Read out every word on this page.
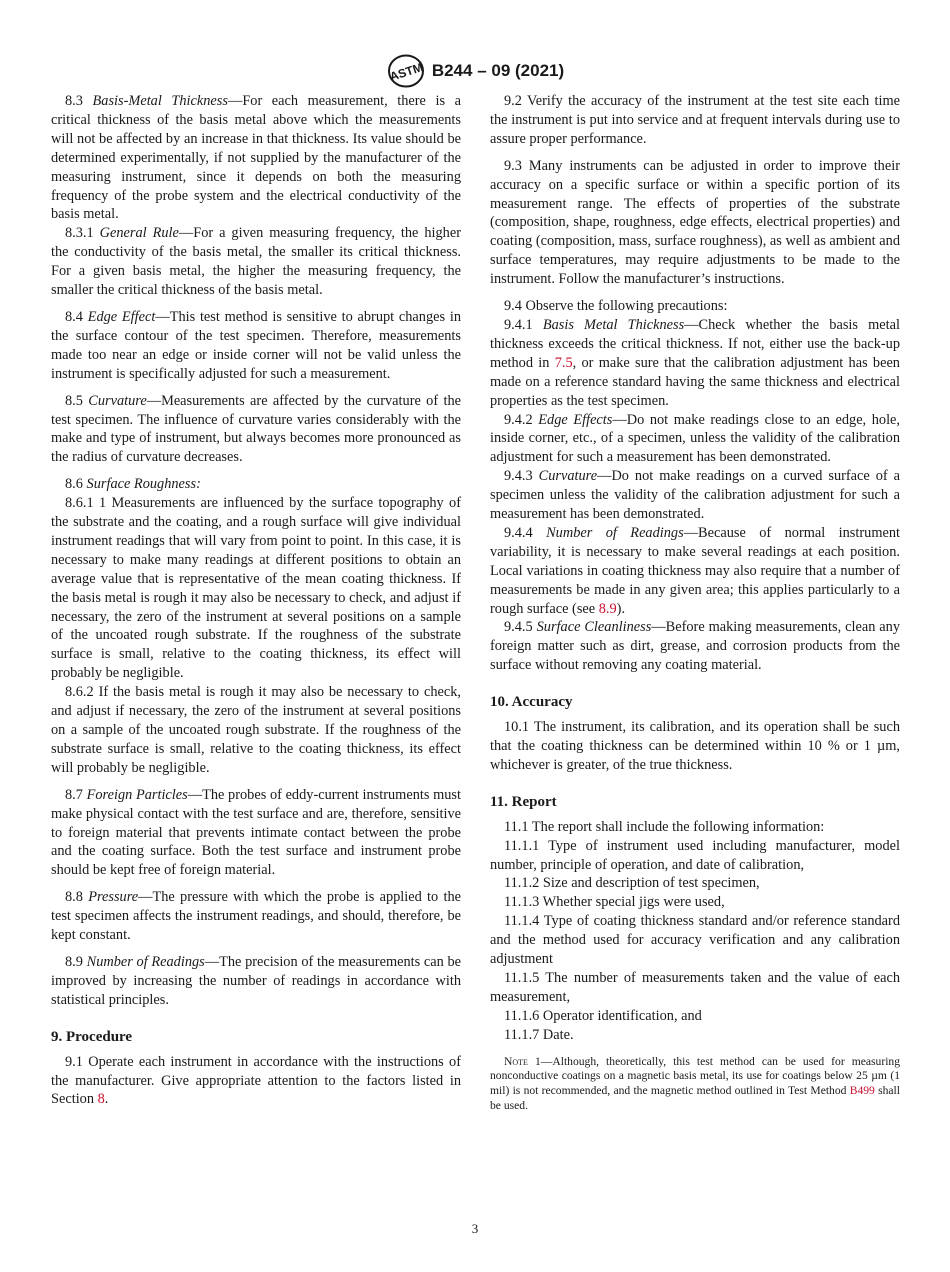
ASTM B244 – 09 (2021)

8.3 Basis-Metal Thickness—For each measurement, there is a critical thickness of the basis metal above which the measurements will not be affected by an increase in that thickness. Its value should be determined experimentally, if not supplied by the manufacturer of the measuring instrument, since it depends on both the measuring frequency of the probe system and the electrical conductivity of the basis metal.

8.3.1 General Rule—For a given measuring frequency, the higher the conductivity of the basis metal, the smaller its critical thickness. For a given basis metal, the higher the measuring frequency, the smaller the critical thickness of the basis metal.

8.4 Edge Effect—This test method is sensitive to abrupt changes in the surface contour of the test specimen. Therefore, measurements made too near an edge or inside corner will not be valid unless the instrument is specifically adjusted for such a measurement.

8.5 Curvature—Measurements are affected by the curvature of the test specimen. The influence of curvature varies considerably with the make and type of instrument, but always becomes more pronounced as the radius of curvature decreases.

8.6 Surface Roughness:

8.6.1 1 Measurements are influenced by the surface topography of the substrate and the coating, and a rough surface will give individual instrument readings that will vary from point to point. In this case, it is necessary to make many readings at different positions to obtain an average value that is representative of the mean coating thickness. If the basis metal is rough it may also be necessary to check, and adjust if necessary, the zero of the instrument at several positions on a sample of the uncoated rough substrate. If the roughness of the substrate surface is small, relative to the coating thickness, its effect will probably be negligible.

8.6.2 If the basis metal is rough it may also be necessary to check, and adjust if necessary, the zero of the instrument at several positions on a sample of the uncoated rough substrate. If the roughness of the substrate surface is small, relative to the coating thickness, its effect will probably be negligible.

8.7 Foreign Particles—The probes of eddy-current instruments must make physical contact with the test surface and are, therefore, sensitive to foreign material that prevents intimate contact between the probe and the coating surface. Both the test surface and instrument probe should be kept free of foreign material.

8.8 Pressure—The pressure with which the probe is applied to the test specimen affects the instrument readings, and should, therefore, be kept constant.

8.9 Number of Readings—The precision of the measurements can be improved by increasing the number of readings in accordance with statistical principles.

9. Procedure

9.1 Operate each instrument in accordance with the instructions of the manufacturer. Give appropriate attention to the factors listed in Section 8.

9.2 Verify the accuracy of the instrument at the test site each time the instrument is put into service and at frequent intervals during use to assure proper performance.

9.3 Many instruments can be adjusted in order to improve their accuracy on a specific surface or within a specific portion of its measurement range. The effects of properties of the substrate (composition, shape, roughness, edge effects, electrical properties) and coating (composition, mass, surface roughness), as well as ambient and surface temperatures, may require adjustments to be made to the instrument. Follow the manufacturer’s instructions.

9.4 Observe the following precautions:

9.4.1 Basis Metal Thickness—Check whether the basis metal thickness exceeds the critical thickness. If not, either use the back-up method in 7.5, or make sure that the calibration adjustment has been made on a reference standard having the same thickness and electrical properties as the test specimen.

9.4.2 Edge Effects—Do not make readings close to an edge, hole, inside corner, etc., of a specimen, unless the validity of the calibration adjustment for such a measurement has been demonstrated.

9.4.3 Curvature—Do not make readings on a curved surface of a specimen unless the validity of the calibration adjustment for such a measurement has been demonstrated.

9.4.4 Number of Readings—Because of normal instrument variability, it is necessary to make several readings at each position. Local variations in coating thickness may also require that a number of measurements be made in any given area; this applies particularly to a rough surface (see 8.9).

9.4.5 Surface Cleanliness—Before making measurements, clean any foreign matter such as dirt, grease, and corrosion products from the surface without removing any coating material.

10. Accuracy

10.1 The instrument, its calibration, and its operation shall be such that the coating thickness can be determined within 10 % or 1 µm, whichever is greater, of the true thickness.

11. Report

11.1 The report shall include the following information:

11.1.1 Type of instrument used including manufacturer, model number, principle of operation, and date of calibration,

11.1.2 Size and description of test specimen,

11.1.3 Whether special jigs were used,

11.1.4 Type of coating thickness standard and/or reference standard and the method used for accuracy verification and any calibration adjustment

11.1.5 The number of measurements taken and the value of each measurement,

11.1.6 Operator identification, and

11.1.7 Date.

Note 1—Although, theoretically, this test method can be used for measuring nonconductive coatings on a magnetic basis metal, its use for coatings below 25 µm (1 mil) is not recommended, and the magnetic method outlined in Test Method B499 shall be used.

3
